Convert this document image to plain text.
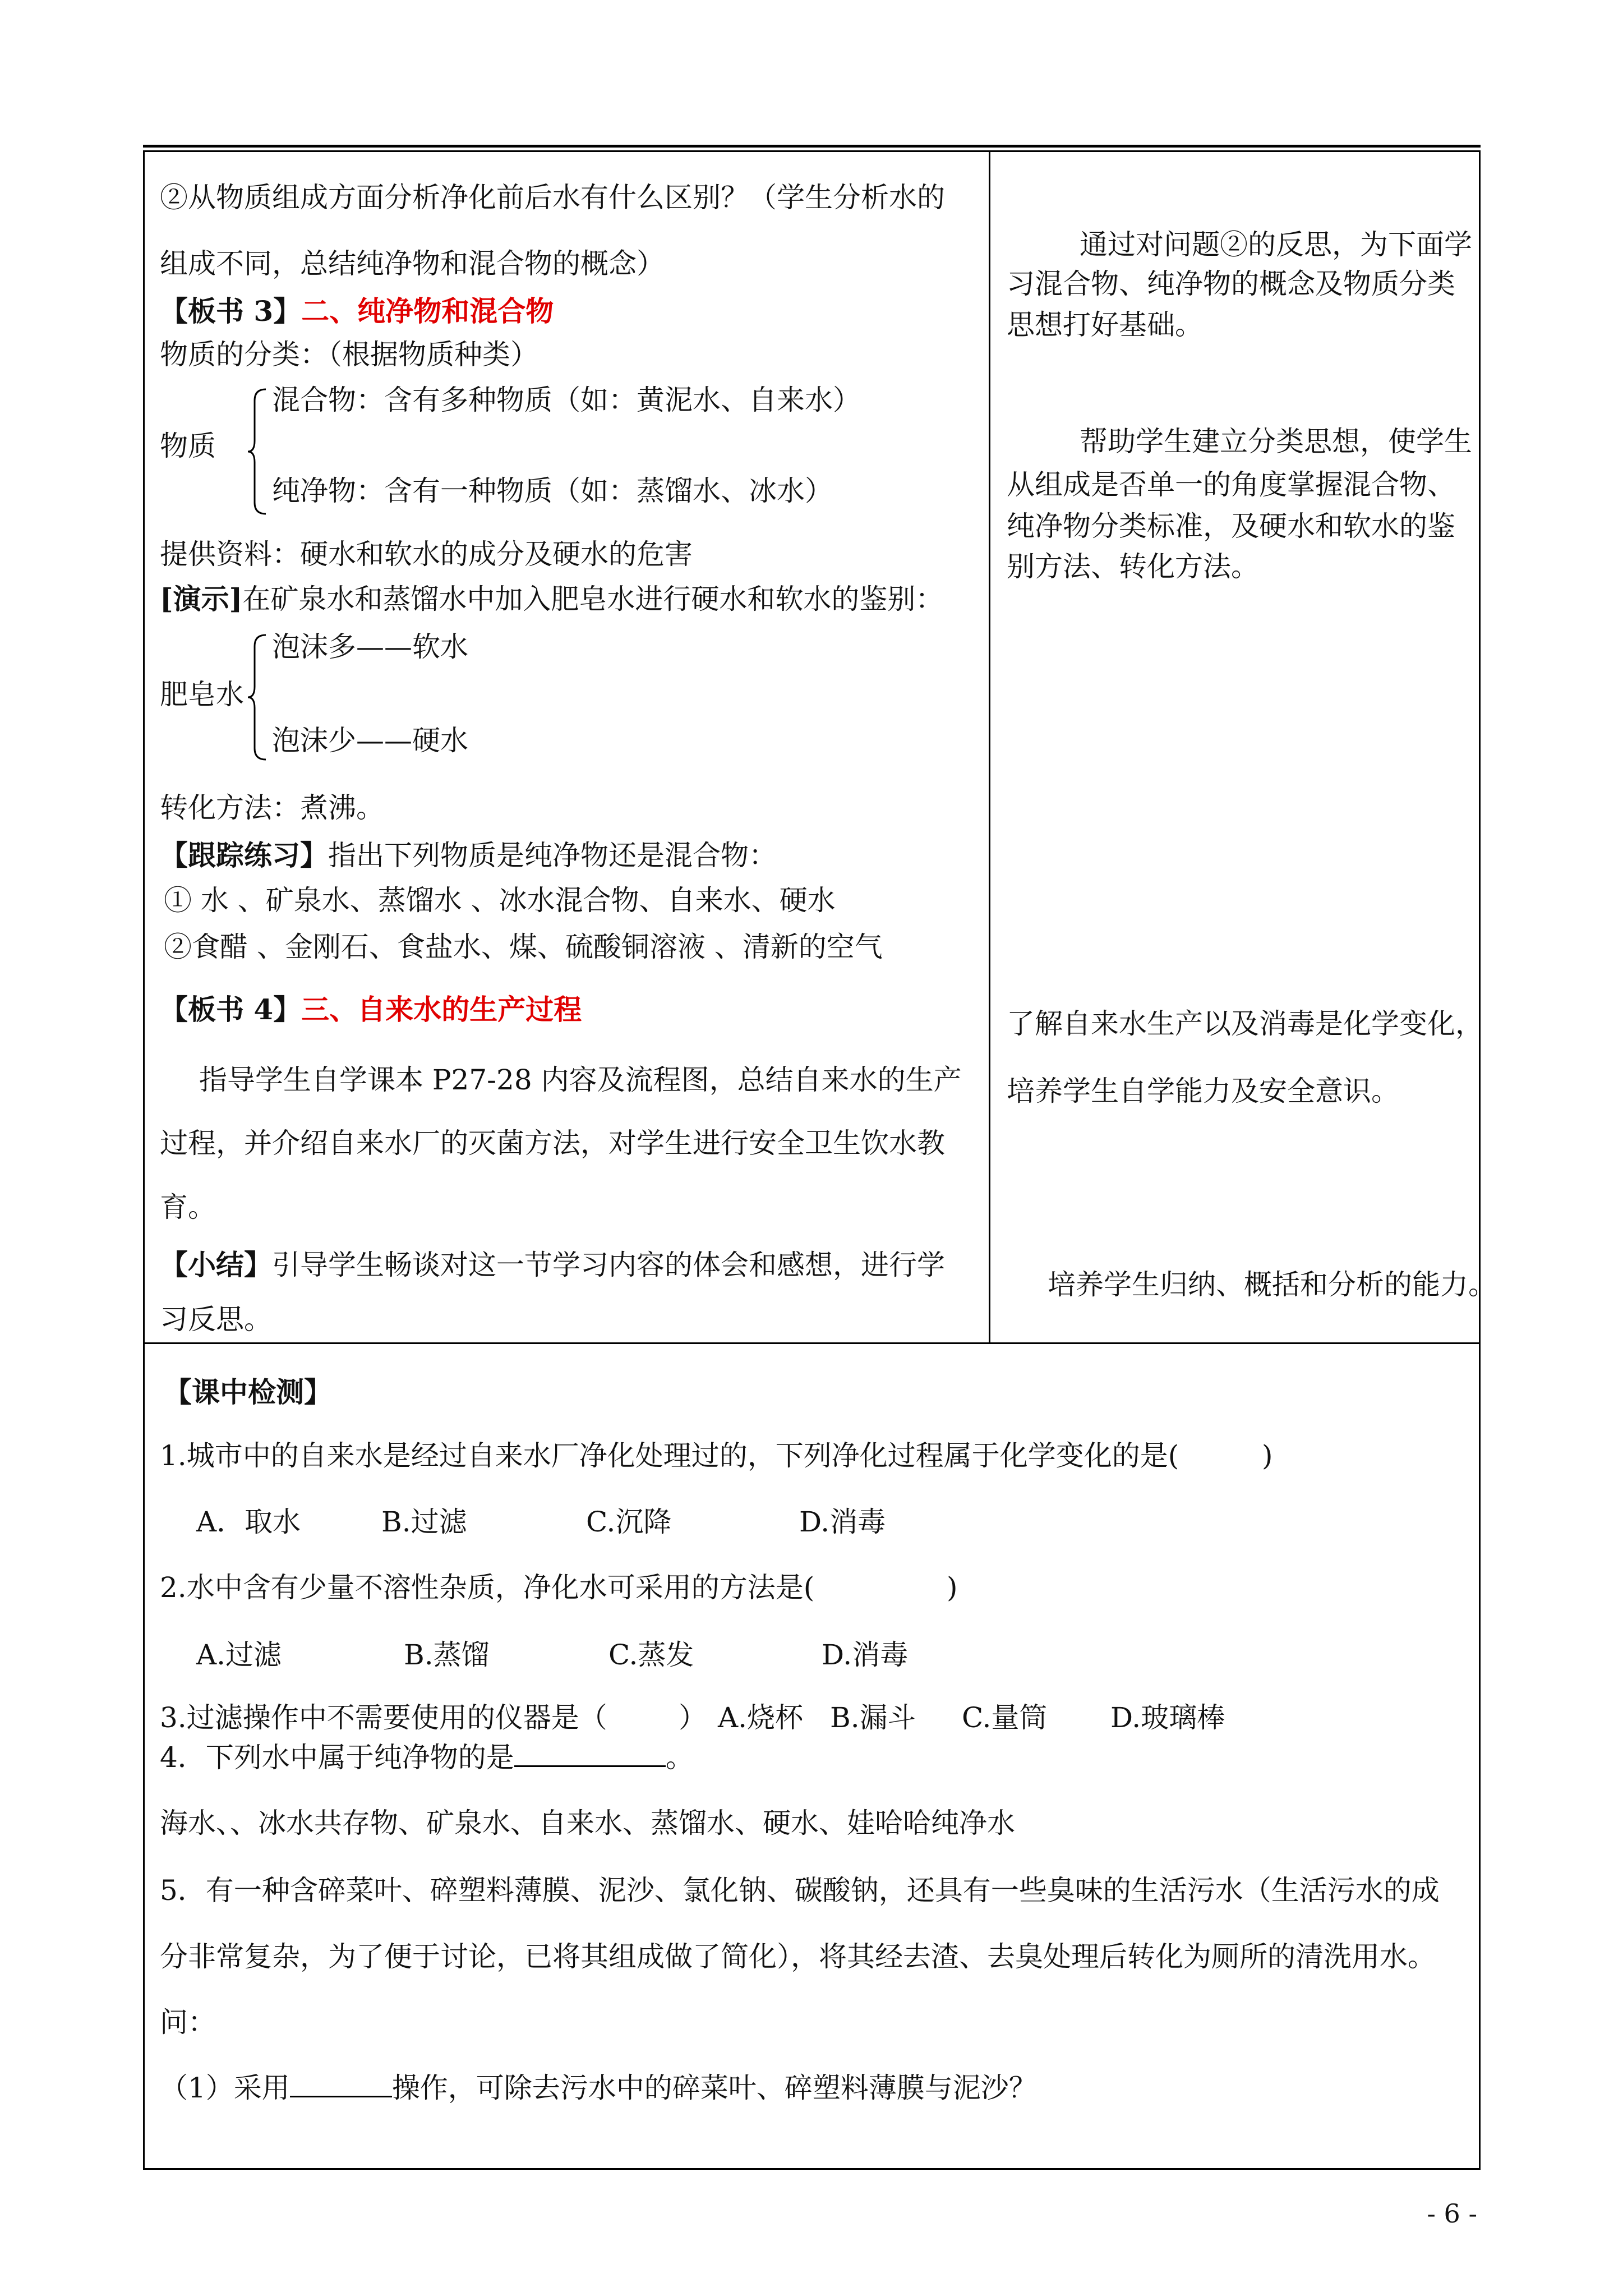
②从物质组成方面分析净化前后水有什么区别？（学生分析水的
组成不同，总结纯净物和混合物的概念）
【板书 3】二、纯净物和混合物
物质的分类：（根据物质种类）
物质
混合物：含有多种物质（如：黄泥水、自来水）
纯净物：含有一种物质（如：蒸馏水、冰水）
提供资料：硬水和软水的成分及硬水的危害
[演示]在矿泉水和蒸馏水中加入肥皂水进行硬水和软水的鉴别：
肥皂水
泡沫多——软水
泡沫少——硬水
转化方法：煮沸。
【跟踪练习】指出下列物质是纯净物还是混合物：
① 水 、矿泉水、蒸馏水 、冰水混合物、自来水、硬水
②食醋 、金刚石、食盐水、煤、硫酸铜溶液 、清新的空气
【板书 4】三、自来水的生产过程
指导学生自学课本 P27-28 内容及流程图，总结自来水的生产
过程，并介绍自来水厂的灭菌方法，对学生进行安全卫生饮水教
育。
【小结】引导学生畅谈对这一节学习内容的体会和感想，进行学
习反思。
通过对问题②的反思，为下面学
习混合物、纯净物的概念及物质分类
思想打好基础。
帮助学生建立分类思想，使学生
从组成是否单一的角度掌握混合物、
纯净物分类标准，及硬水和软水的鉴
别方法、转化方法。
了解自来水生产以及消毒是化学变化，
培养学生自学能力及安全意识。
培养学生归纳、概括和分析的能力。
【课中检测】
1.城市中的自来水是经过自来水厂净化处理过的，下列净化过程属于化学变化的是(	)
A．取水	B.过滤	C.沉降	D.消毒
2.水中含有少量不溶性杂质，净化水可采用的方法是(	)
A.过滤	B.蒸馏	C.蒸发	D.消毒
3.过滤操作中不需要使用的仪器是（	） A.烧杯 B.漏斗 C.量筒 D.玻璃棒
4．下列水中属于纯净物的是	。
海水、、冰水共存物、矿泉水、自来水、蒸馏水、硬水、娃哈哈纯净水
5．有一种含碎菜叶、碎塑料薄膜、泥沙、氯化钠、碳酸钠，还具有一些臭味的生活污水（生活污水的成
分非常复杂，为了便于讨论，已将其组成做了简化），将其经去渣、去臭处理后转化为厕所的清洗用水。
问：
（1）采用	操作，可除去污水中的碎菜叶、碎塑料薄膜与泥沙？
- 6 -
